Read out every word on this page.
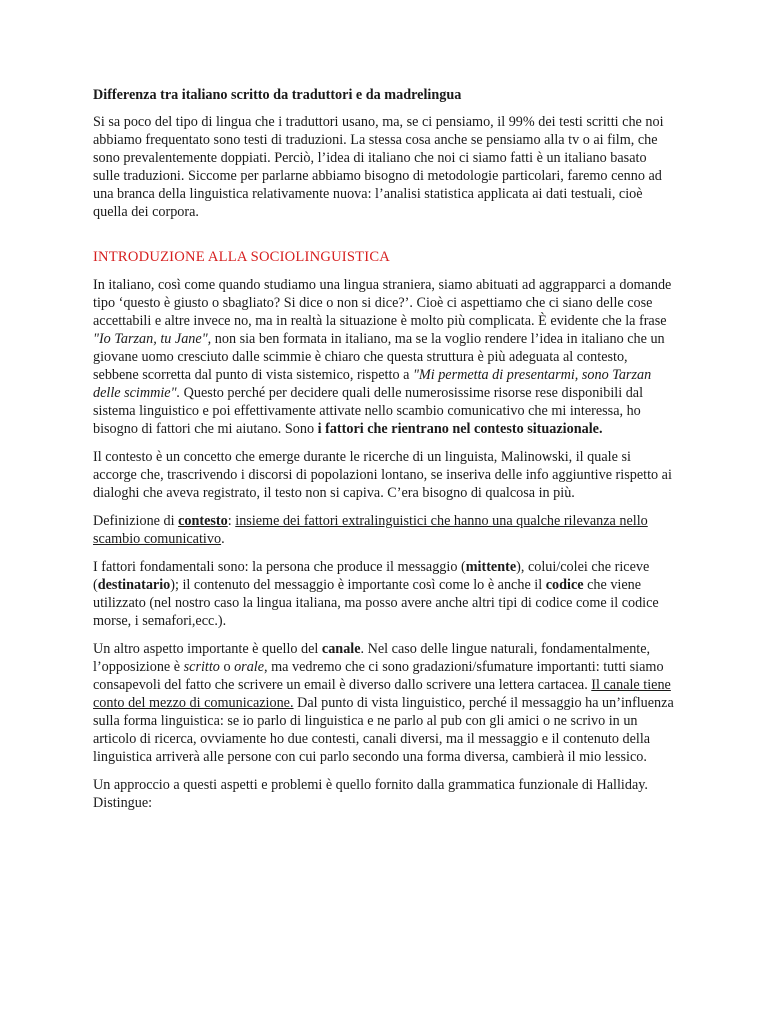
Differenza tra italiano scritto da traduttori e da madrelingua

Si sa poco del tipo di lingua che i traduttori usano, ma, se ci pensiamo, il 99% dei testi scritti che noi abbiamo frequentato sono testi di traduzioni. La stessa cosa anche se pensiamo alla tv o ai film, che sono prevalentemente doppiati. Perciò, l’idea di italiano che noi ci siamo fatti è un italiano basato sulle traduzioni. Siccome per parlarne abbiamo bisogno di metodologie particolari, faremo cenno ad una branca della linguistica relativamente nuova: l’analisi statistica applicata ai dati testuali, cioè quella dei corpora.

INTRODUZIONE ALLA SOCIOLINGUISTICA

In italiano, così come quando studiamo una lingua straniera, siamo abituati ad aggrapparci a domande tipo ‘questo è giusto o sbagliato? Si dice o non si dice?’. Cioè ci aspettiamo che ci siano delle cose accettabili e altre invece no, ma in realtà la situazione è molto più complicata. È evidente che la frase "Io Tarzan, tu Jane", non sia ben formata in italiano, ma se la voglio rendere l’idea in italiano che un giovane uomo cresciuto dalle scimmie è chiaro che questa struttura è più adeguata al contesto, sebbene scorretta dal punto di vista sistemico, rispetto a "Mi permetta di presentarmi, sono Tarzan delle scimmie". Questo perché per decidere quali delle numerosissime risorse rese disponibili dal sistema linguistico e poi effettivamente attivate nello scambio comunicativo che mi interessa, ho bisogno di fattori che mi aiutano. Sono i fattori che rientrano nel contesto situazionale.

Il contesto è un concetto che emerge durante le ricerche di un linguista, Malinowski, il quale si accorge che, trascrivendo i discorsi di popolazioni lontano, se inseriva delle info aggiuntive rispetto ai dialoghi che aveva registrato, il testo non si capiva. C’era bisogno di qualcosa in più.

Definizione di contesto: insieme dei fattori extralinguistici che hanno una qualche rilevanza nello scambio comunicativo.

I fattori fondamentali sono: la persona che produce il messaggio (mittente), colui/colei che riceve (destinatario); il contenuto del messaggio è importante così come lo è anche il codice che viene utilizzato (nel nostro caso la lingua italiana, ma posso avere anche altri tipi di codice come il codice morse, i semafori,ecc.).

Un altro aspetto importante è quello del canale. Nel caso delle lingue naturali, fondamentalmente, l’opposizione è scritto o orale, ma vedremo che ci sono gradazioni/sfumature importanti: tutti siamo consapevoli del fatto che scrivere un email è diverso dallo scrivere una lettera cartacea. Il canale tiene conto del mezzo di comunicazione. Dal punto di vista linguistico, perché il messaggio ha un’influenza sulla forma linguistica: se io parlo di linguistica e ne parlo al pub con gli amici o ne scrivo in un articolo di ricerca, ovviamente ho due contesti, canali diversi, ma il messaggio e il contenuto della linguistica arriverà alle persone con cui parlo secondo una forma diversa, cambierà il mio lessico.

Un approccio a questi aspetti e problemi è quello fornito dalla grammatica funzionale di Halliday. Distingue:
